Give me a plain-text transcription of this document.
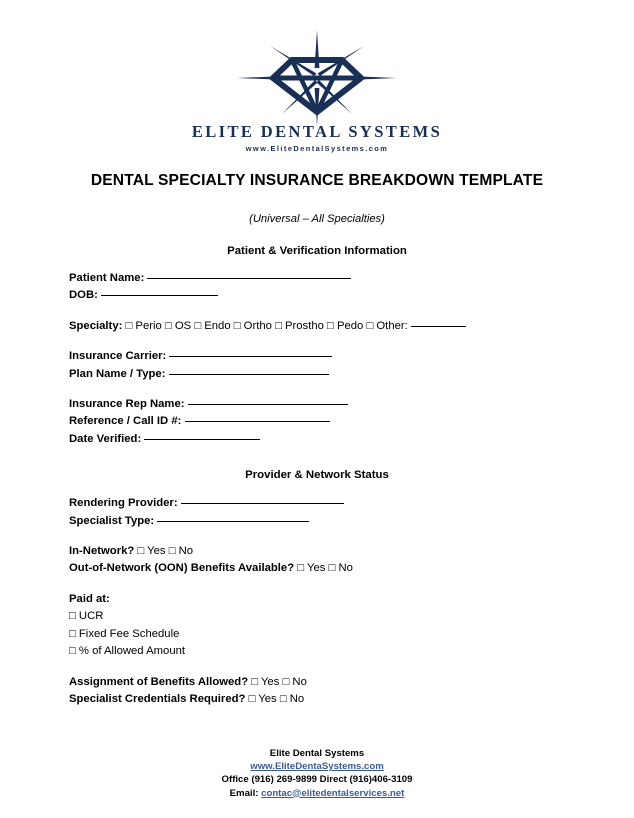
ELITE DENTAL SYSTEMS
www.EliteDentalSystems.com
DENTAL SPECIALTY INSURANCE BREAKDOWN TEMPLATE
(Universal – All Specialties)
Patient & Verification Information
Patient Name:
DOB:
Specialty: □ Perio □ OS □ Endo □ Ortho □ Prostho □ Pedo □ Other:
Insurance Carrier:
Plan Name / Type:
Insurance Rep Name:
Reference / Call ID #:
Date Verified:
Provider & Network Status
Rendering Provider:
Specialist Type:
In-Network? □ Yes □ No
Out-of-Network (OON) Benefits Available? □ Yes □ No
Paid at:
□ UCR
□ Fixed Fee Schedule
□ % of Allowed Amount
Assignment of Benefits Allowed? □ Yes □ No
Specialist Credentials Required? □ Yes □ No
Elite Dental Systems
www.EliteDentaSystems.com
Office (916) 269-9899 Direct (916)406-3109
Email: contac@elitedentalservices.net
